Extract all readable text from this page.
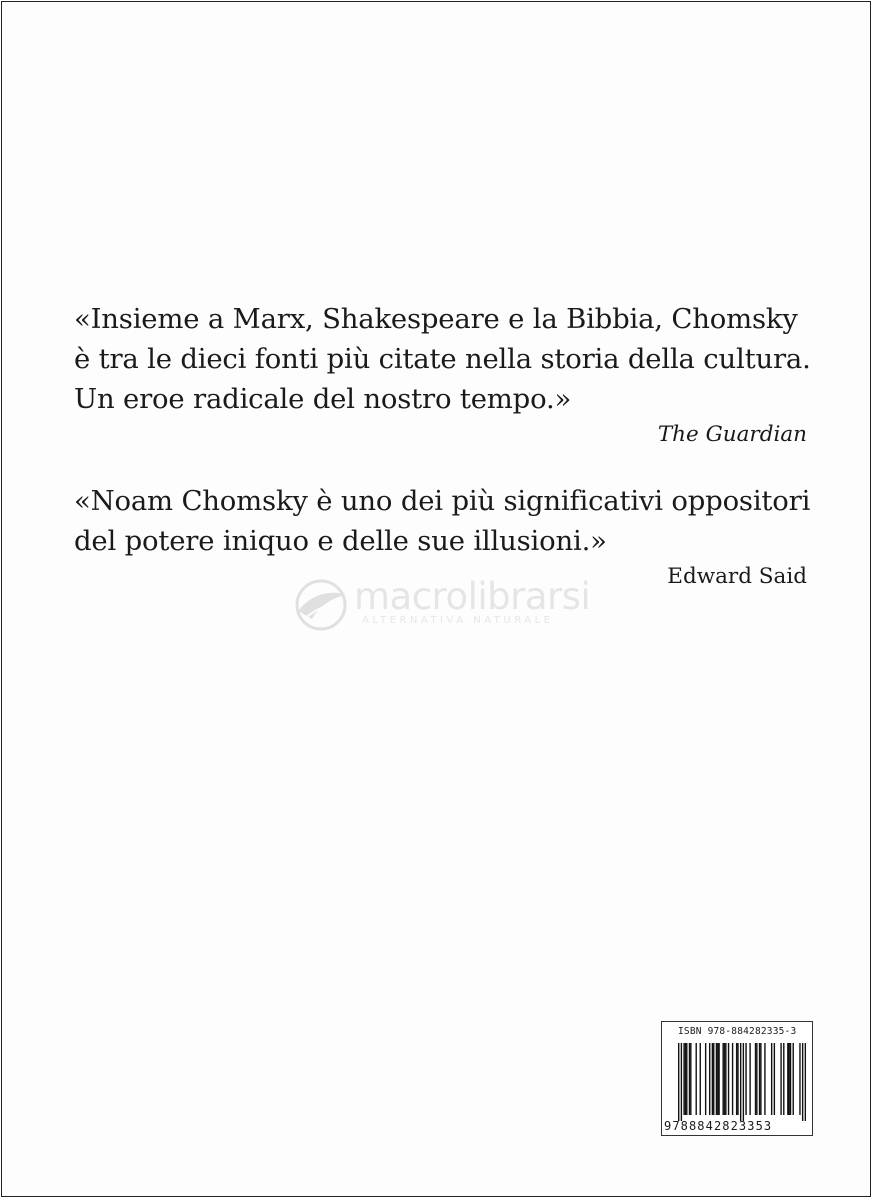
«Insieme a Marx, Shakespeare e la Bibbia, Chomsky
è tra le dieci fonti più citate nella storia della cultura.
Un eroe radicale del nostro tempo.»
The Guardian
«Noam Chomsky è uno dei più significativi oppositori
del potere iniquo e delle sue illusioni.»
Edward Said
macrolibrarsi
ALTERNATIVA NATURALE
ISBN 978-884282335-3
9788842823353
